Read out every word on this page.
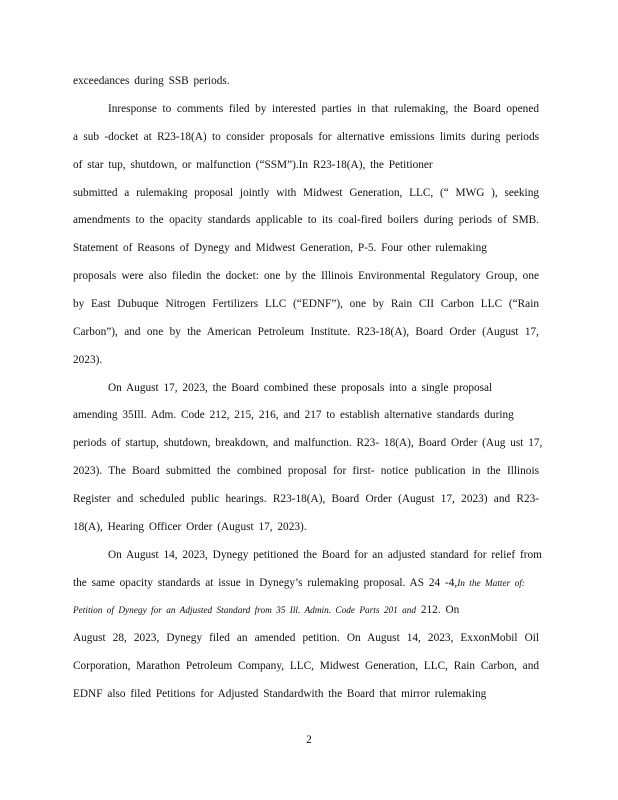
exceedances during SSB periods.
Inresponse to comments filed by interested parties in that rulemaking, the Board opened
a sub -docket at R23-18(A) to consider proposals for alternative emissions limits during periods
of star tup, shutdown, or malfunction (“SSM”).In R23-18(A), the Petitioner
submitted a rulemaking proposal jointly with Midwest Generation, LLC, (“ MWG ), seeking
amendments to the opacity standards applicable to its coal-fired boilers during periods of SMB.
Statement of Reasons of Dynegy and Midwest Generation, P-5. Four other rulemaking
proposals were also filedin the docket: one by the Illinois Environmental Regulatory Group, one
by East Dubuque Nitrogen Fertilizers LLC (“EDNF”), one by Rain CII Carbon LLC (“Rain
Carbon”), and one by the American Petroleum Institute. R23-18(A), Board Order (August 17,
2023).
On August 17, 2023, the Board combined these proposals into a single proposal
amending 35Ill. Adm. Code 212, 215, 216, and 217 to establish alternative standards during
periods of startup, shutdown, breakdown, and malfunction. R23- 18(A), Board Order (Aug ust 17,
2023). The Board submitted the combined proposal for first- notice publication in the Illinois
Register and scheduled public hearings. R23-18(A), Board Order (August 17, 2023) and R23-
18(A), Hearing Officer Order (August 17, 2023).
On August 14, 2023, Dynegy petitioned the Board for an adjusted standard for relief from
the same opacity standards at issue in Dynegy’s rulemaking proposal. AS 24 -4,In the Matter of:
Petition of Dynegy for an Adjusted Standard from 35 Ill. Admin. Code Parts 201 and 212. On
August 28, 2023, Dynegy filed an amended petition. On August 14, 2023, ExxonMobil Oil
Corporation, Marathon Petroleum Company, LLC, Midwest Generation, LLC, Rain Carbon, and
EDNF also filed Petitions for Adjusted Standardwith the Board that mirror rulemaking
2
